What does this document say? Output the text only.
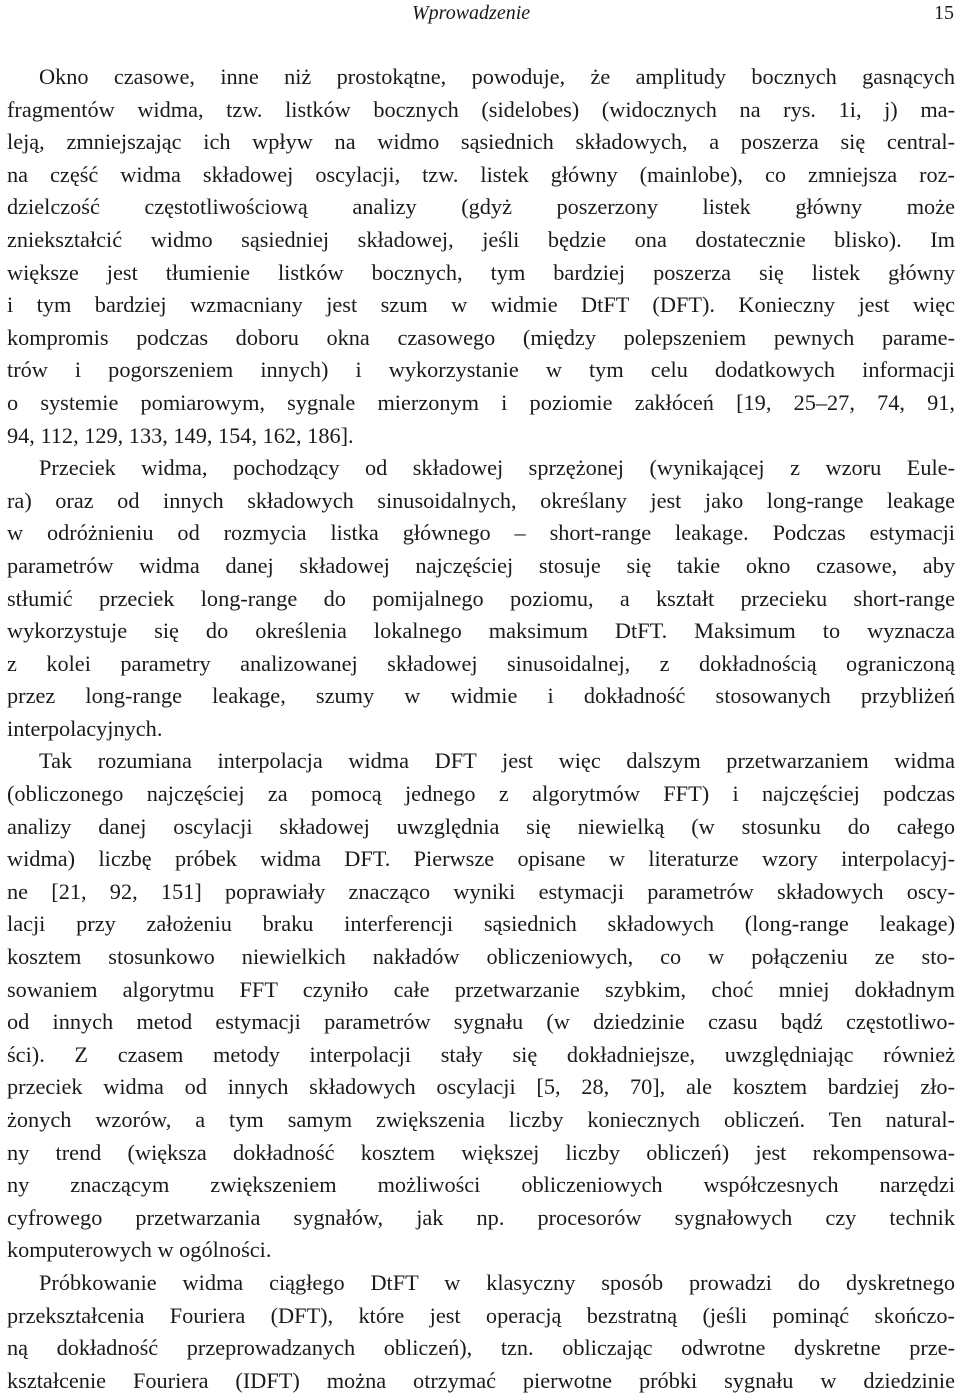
Wprowadzenie	15
Okno czasowe, inne niż prostokątne, powoduje, że amplitudy bocznych gasnących
fragmentów widma, tzw. listków bocznych (sidelobes) (widocznych na rys. 1i, j) ma-
leją, zmniejszając ich wpływ na widmo sąsiednich składowych, a poszerza się central-
na część widma składowej oscylacji, tzw. listek główny (mainlobe), co zmniejsza roz-
dzielczość częstotliwościową analizy (gdyż poszerzony listek główny może
zniekształcić widmo sąsiedniej składowej, jeśli będzie ona dostatecznie blisko). Im
większe jest tłumienie listków bocznych, tym bardziej poszerza się listek główny
i tym bardziej wzmacniany jest szum w widmie DtFT (DFT). Konieczny jest więc
kompromis podczas doboru okna czasowego (między polepszeniem pewnych parame-
trów i pogorszeniem innych) i wykorzystanie w tym celu dodatkowych informacji
o systemie pomiarowym, sygnale mierzonym i poziomie zakłóceń [19, 25–27, 74, 91,
94, 112, 129, 133, 149, 154, 162, 186].
Przeciek widma, pochodzący od składowej sprzężonej (wynikającej z wzoru Eule-
ra) oraz od innych składowych sinusoidalnych, określany jest jako long-range leakage
w odróżnieniu od rozmycia listka głównego – short-range leakage. Podczas estymacji
parametrów widma danej składowej najczęściej stosuje się takie okno czasowe, aby
stłumić przeciek long-range do pomijalnego poziomu, a kształt przecieku short-range
wykorzystuje się do określenia lokalnego maksimum DtFT. Maksimum to wyznacza
z kolei parametry analizowanej składowej sinusoidalnej, z dokładnością ograniczoną
przez long-range leakage, szumy w widmie i dokładność stosowanych przybliżeń
interpolacyjnych.
Tak rozumiana interpolacja widma DFT jest więc dalszym przetwarzaniem widma
(obliczonego najczęściej za pomocą jednego z algorytmów FFT) i najczęściej podczas
analizy danej oscylacji składowej uwzględnia się niewielką (w stosunku do całego
widma) liczbę próbek widma DFT. Pierwsze opisane w literaturze wzory interpolacyj-
ne [21, 92, 151] poprawiały znacząco wyniki estymacji parametrów składowych oscy-
lacji przy założeniu braku interferencji sąsiednich składowych (long-range leakage)
kosztem stosunkowo niewielkich nakładów obliczeniowych, co w połączeniu ze sto-
sowaniem algorytmu FFT czyniło całe przetwarzanie szybkim, choć mniej dokładnym
od innych metod estymacji parametrów sygnału (w dziedzinie czasu bądź częstotliwo-
ści). Z czasem metody interpolacji stały się dokładniejsze, uwzględniając również
przeciek widma od innych składowych oscylacji [5, 28, 70], ale kosztem bardziej zło-
żonych wzorów, a tym samym zwiększenia liczby koniecznych obliczeń. Ten natural-
ny trend (większa dokładność kosztem większej liczby obliczeń) jest rekompensowa-
ny znaczącym zwiększeniem możliwości obliczeniowych współczesnych narzędzi
cyfrowego przetwarzania sygnałów, jak np. procesorów sygnałowych czy technik
komputerowych w ogólności.
Próbkowanie widma ciągłego DtFT w klasyczny sposób prowadzi do dyskretnego
przekształcenia Fouriera (DFT), które jest operacją bezstratną (jeśli pominąć skończo-
ną dokładność przeprowadzanych obliczeń), tzn. obliczając odwrotne dyskretne prze-
kształcenie Fouriera (IDFT) można otrzymać pierwotne próbki sygnału w dziedzinie
